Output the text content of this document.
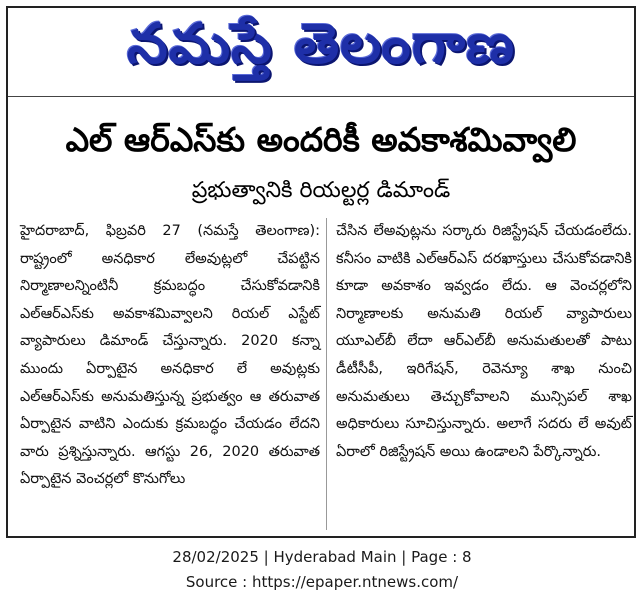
నమస్తే తెలంగాణ
ఎల్ ఆర్ఎస్‌కు అందరికీ అవకాశమివ్వాలి
ప్రభుత్వానికి రియల్టర్ల డిమాండ్
హైదరాబాద్, ఫిబ్రవరి 27 (నమస్తే తెలంగాణ): రాష్ట్రంలో అనధికార లేఅవుట్లలో చేపట్టిన నిర్మాణాలన్నింటినీ క్రమబద్ధం చేసుకోవడానికి ఎల్‌ఆర్‌ఎస్‌కు అవకాశమివ్వాలని రియల్ ఎస్టేట్ వ్యాపారులు డిమాండ్ చేస్తున్నారు. 2020 కన్నా ముందు ఏర్పాటైన అనధికార లే అవుట్లకు ఎల్‌ఆర్‌ఎస్‌కు అనుమతిస్తున్న ప్రభుత్వం ఆ తరువాత ఏర్పాటైన వాటిని ఎందుకు క్రమబద్ధం చేయడం లేదని వారు ప్రశ్నిస్తున్నారు. ఆగస్టు 26, 2020 తరువాత ఏర్పాటైన వెంచర్లలో కొనుగోలు
చేసిన లేఅవుట్లను సర్కారు రిజిస్ట్రేషన్ చేయడంలేదు. కనీసం వాటికి ఎల్‌ఆర్‌ఎస్ దరఖాస్తులు చేసుకోవడానికి కూడా అవకాశం ఇవ్వడం లేదు. ఆ వెంచర్లలోని నిర్మాణాలకు అనుమతి రియల్ వ్యాపారులు యూఎల్‌బీ లేదా ఆర్‌ఎల్‌బీ అనుమతులతో పాటు డీటీసీపీ, ఇరిగేషన్, రెవెన్యూ శాఖ నుంచి అనుమతులు తెచ్చుకోవాలని మున్సిపల్ శాఖ అధికారులు సూచిస్తున్నారు. అలాగే సదరు లే అవుట్ ఏరాలో రిజిస్ట్రేషన్ అయి ఉండాలని పేర్కొన్నారు.
28/02/2025 | Hyderabad Main | Page : 8
Source : https://epaper.ntnews.com/
